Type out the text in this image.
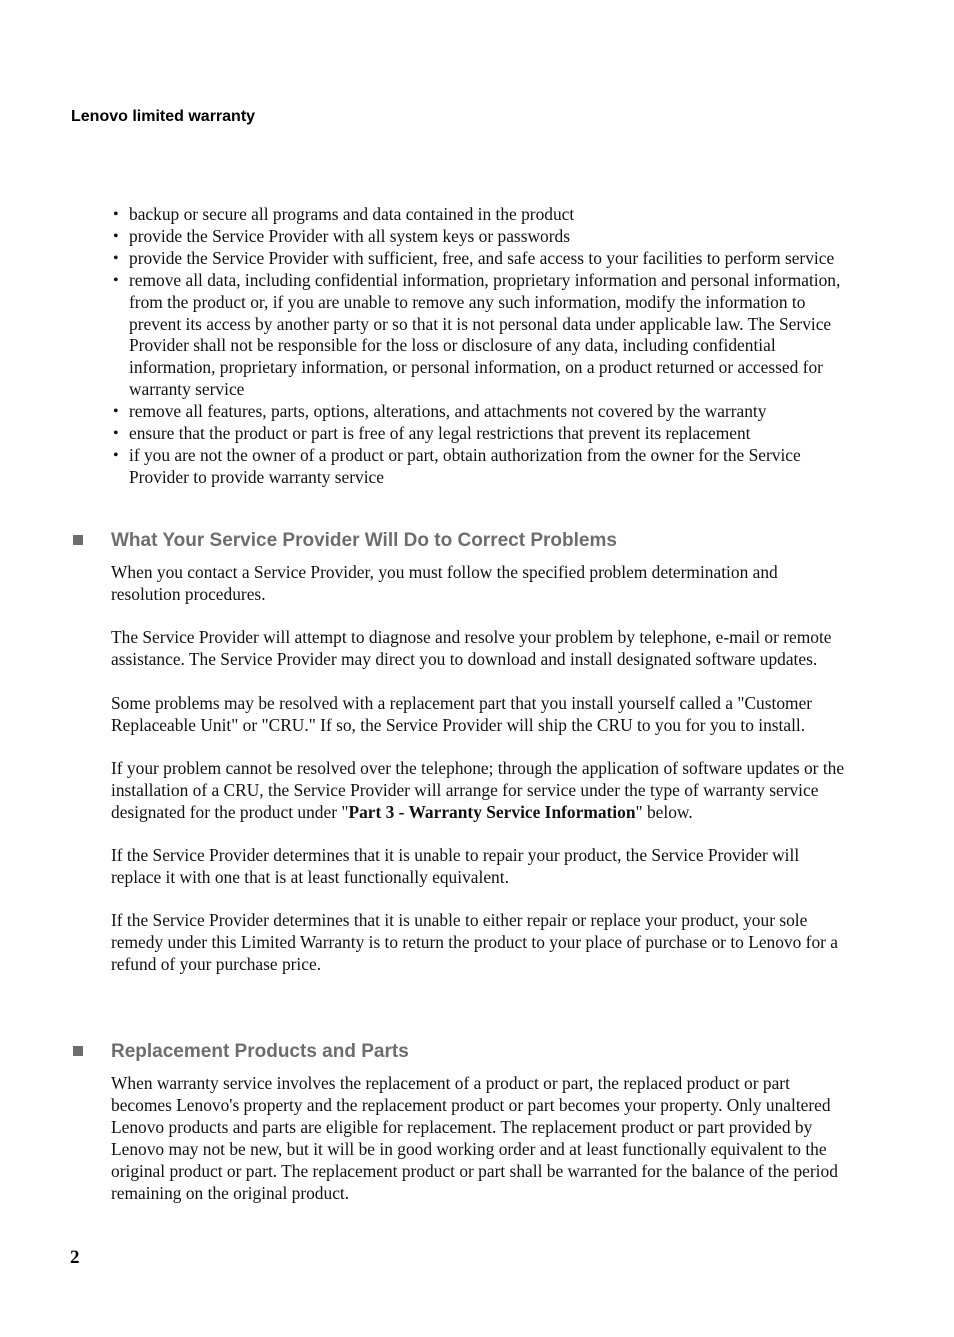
Lenovo limited warranty
• backup or secure all programs and data contained in the product
• provide the Service Provider with all system keys or passwords
• provide the Service Provider with sufficient, free, and safe access to your facilities to perform service
• remove all data, including confidential information, proprietary information and personal information, from the product or, if you are unable to remove any such information, modify the information to prevent its access by another party or so that it is not personal data under applicable law. The Service Provider shall not be responsible for the loss or disclosure of any data, including confidential information, proprietary information, or personal information, on a product returned or accessed for warranty service
• remove all features, parts, options, alterations, and attachments not covered by the warranty
• ensure that the product or part is free of any legal restrictions that prevent its replacement
• if you are not the owner of a product or part, obtain authorization from the owner for the Service Provider to provide warranty service
What Your Service Provider Will Do to Correct Problems

When you contact a Service Provider, you must follow the specified problem determination and resolution procedures.

The Service Provider will attempt to diagnose and resolve your problem by telephone, e-mail or remote assistance. The Service Provider may direct you to download and install designated software updates.

Some problems may be resolved with a replacement part that you install yourself called a "Customer Replaceable Unit" or "CRU." If so, the Service Provider will ship the CRU to you for you to install.

If your problem cannot be resolved over the telephone; through the application of software updates or the installation of a CRU, the Service Provider will arrange for service under the type of warranty service designated for the product under "Part 3 - Warranty Service Information" below.

If the Service Provider determines that it is unable to repair your product, the Service Provider will replace it with one that is at least functionally equivalent.

If the Service Provider determines that it is unable to either repair or replace your product, your sole remedy under this Limited Warranty is to return the product to your place of purchase or to Lenovo for a refund of your purchase price.

Replacement Products and Parts

When warranty service involves the replacement of a product or part, the replaced product or part becomes Lenovo's property and the replacement product or part becomes your property. Only unaltered Lenovo products and parts are eligible for replacement. The replacement product or part provided by Lenovo may not be new, but it will be in good working order and at least functionally equivalent to the original product or part. The replacement product or part shall be warranted for the balance of the period remaining on the original product.

2
